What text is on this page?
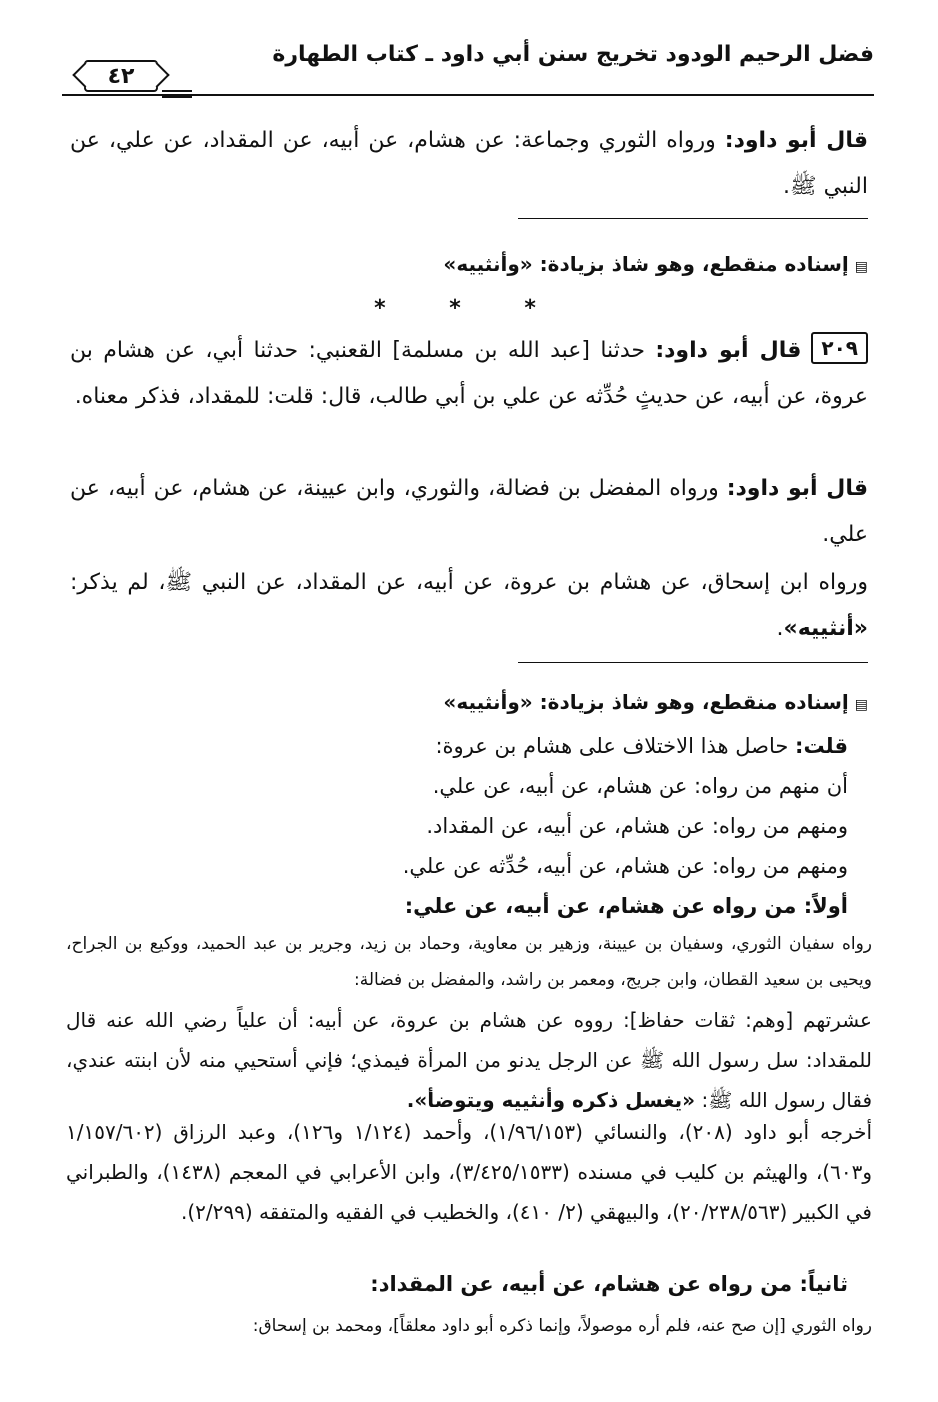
فضل الرحيم الودود تخريج سنن أبي داود ـ كتاب الطهارة
٤٢

قال أبو داود: ورواه الثوري وجماعة: عن هشام، عن أبيه، عن المقداد، عن علي، عن النبي ﷺ.

▤إسناده منقطع، وهو شاذ بزيادة: «وأنثييه»
* * *

٢٠٩قال أبو داود: حدثنا [عبد الله بن مسلمة] القعنبي: حدثنا أبي، عن هشام بن عروة، عن أبيه، عن حديثٍ حُدِّثه عن علي بن أبي طالب، قال: قلت: للمقداد، فذكر معناه.

قال أبو داود: ورواه المفضل بن فضالة، والثوري، وابن عيينة، عن هشام، عن أبيه، عن علي.

ورواه ابن إسحاق، عن هشام بن عروة، عن أبيه، عن المقداد، عن النبي ﷺ، لم يذكر: «أنثييه».

▤إسناده منقطع، وهو شاذ بزيادة: «وأنثييه»
قلت: حاصل هذا الاختلاف على هشام بن عروة:
أن منهم من رواه: عن هشام، عن أبيه، عن علي.
ومنهم من رواه: عن هشام، عن أبيه، عن المقداد.
ومنهم من رواه: عن هشام، عن أبيه، حُدِّثه عن علي.
أولاً: من رواه عن هشام، عن أبيه، عن علي:
رواه سفيان الثوري، وسفيان بن عيينة، وزهير بن معاوية، وحماد بن زيد، وجرير بن عبد الحميد، ووكيع بن الجراح، ويحيى بن سعيد القطان، وابن جريج، ومعمر بن راشد، والمفضل بن فضالة:
عشرتهم [وهم: ثقات حفاظ]: رووه عن هشام بن عروة، عن أبيه: أن علياً رضي الله عنه قال للمقداد: سل رسول الله ﷺ عن الرجل يدنو من المرأة فيمذي؛ فإني أستحيي منه لأن ابنته عندي، فقال رسول الله ﷺ: «يغسل ذكره وأنثييه ويتوضأ».
أخرجه أبو داود (٢٠٨)، والنسائي (١/٩٦/١٥٣)، وأحمد (١/١٢٤ و١٢٦)، وعبد الرزاق (١/١٥٧/٦٠٢ و٦٠٣)، والهيثم بن كليب في مسنده (٣/٤٢٥/١٥٣٣)، وابن الأعرابي في المعجم (١٤٣٨)، والطبراني في الكبير (٢٠/٢٣٨/٥٦٣)، والبيهقي (٢/ ٤١٠)، والخطيب في الفقيه والمتفقه (٢/٢٩٩).
ثانياً: من رواه عن هشام، عن أبيه، عن المقداد:
رواه الثوري [إن صح عنه، فلم أره موصولاً، وإنما ذكره أبو داود معلقاً]، ومحمد بن إسحاق:
